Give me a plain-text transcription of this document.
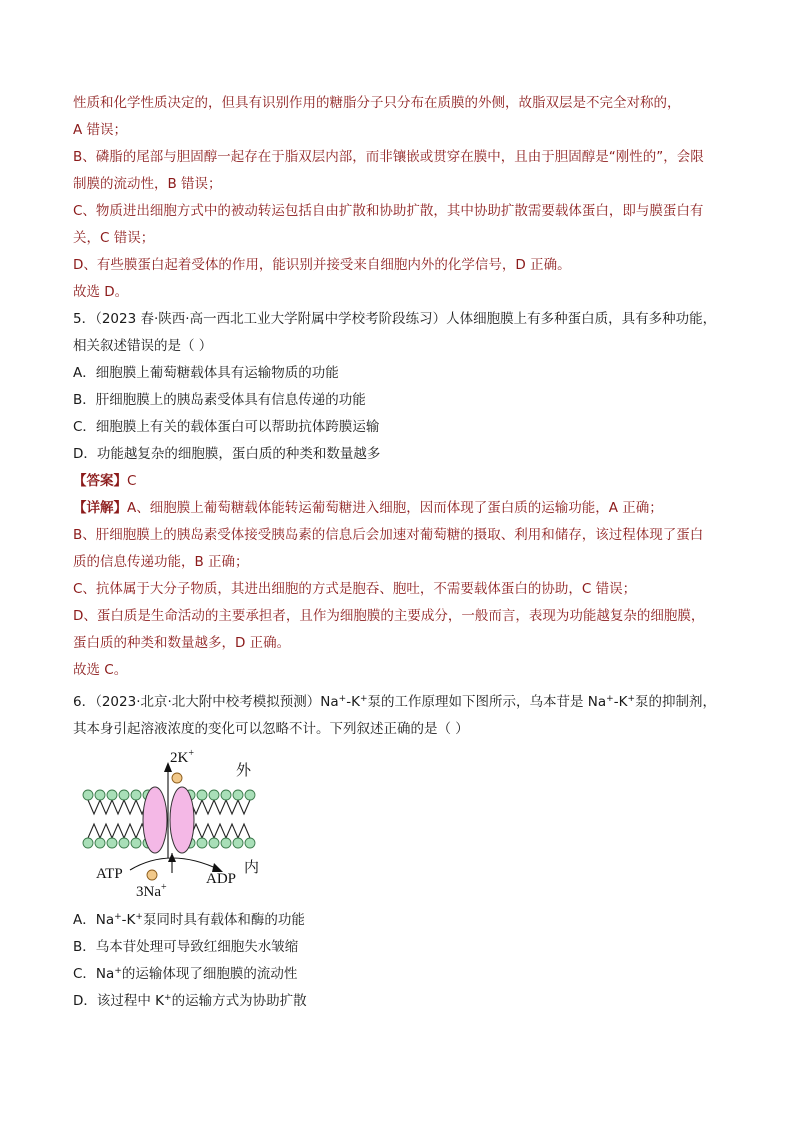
性质和化学性质决定的，但具有识别作用的糖脂分子只分布在质膜的外侧，故脂双层是不完全对称的，
A 错误；
B、磷脂的尾部与胆固醇一起存在于脂双层内部，而非镶嵌或贯穿在膜中，且由于胆固醇是“刚性的”，会限
制膜的流动性，B 错误；
C、物质进出细胞方式中的被动转运包括自由扩散和协助扩散，其中协助扩散需要载体蛋白，即与膜蛋白有
关，C 错误；
D、有些膜蛋白起着受体的作用，能识别并接受来自细胞内外的化学信号，D 正确。
故选 D。
5．（2023 春·陕西·高一西北工业大学附属中学校考阶段练习）人体细胞膜上有多种蛋白质，具有多种功能，
相关叙述错误的是（ ）
A．细胞膜上葡萄糖载体具有运输物质的功能
B．肝细胞膜上的胰岛素受体具有信息传递的功能
C．细胞膜上有关的载体蛋白可以帮助抗体跨膜运输
D．功能越复杂的细胞膜，蛋白质的种类和数量越多
【答案】C
【详解】A、细胞膜上葡萄糖载体能转运葡萄糖进入细胞，因而体现了蛋白质的运输功能，A 正确；
B、肝细胞膜上的胰岛素受体接受胰岛素的信息后会加速对葡萄糖的摄取、利用和储存，该过程体现了蛋白
质的信息传递功能，B 正确；
C、抗体属于大分子物质，其进出细胞的方式是胞吞、胞吐，不需要载体蛋白的协助，C 错误；
D、蛋白质是生命活动的主要承担者，且作为细胞膜的主要成分，一般而言，表现为功能越复杂的细胞膜，
蛋白质的种类和数量越多，D 正确。
故选 C。
6．（2023·北京·北大附中校考模拟预测）Na+-K+泵的工作原理如下图所示，乌本苷是 Na+-K+泵的抑制剂，
其本身引起溶液浓度的变化可以忽略不计。下列叙述正确的是（ ）
2K+
外
内
ATP	ADP
3Na+
A．Na+-K+泵同时具有载体和酶的功能
B．乌本苷处理可导致红细胞失水皱缩
C．Na+的运输体现了细胞膜的流动性
D．该过程中 K+的运输方式为协助扩散
